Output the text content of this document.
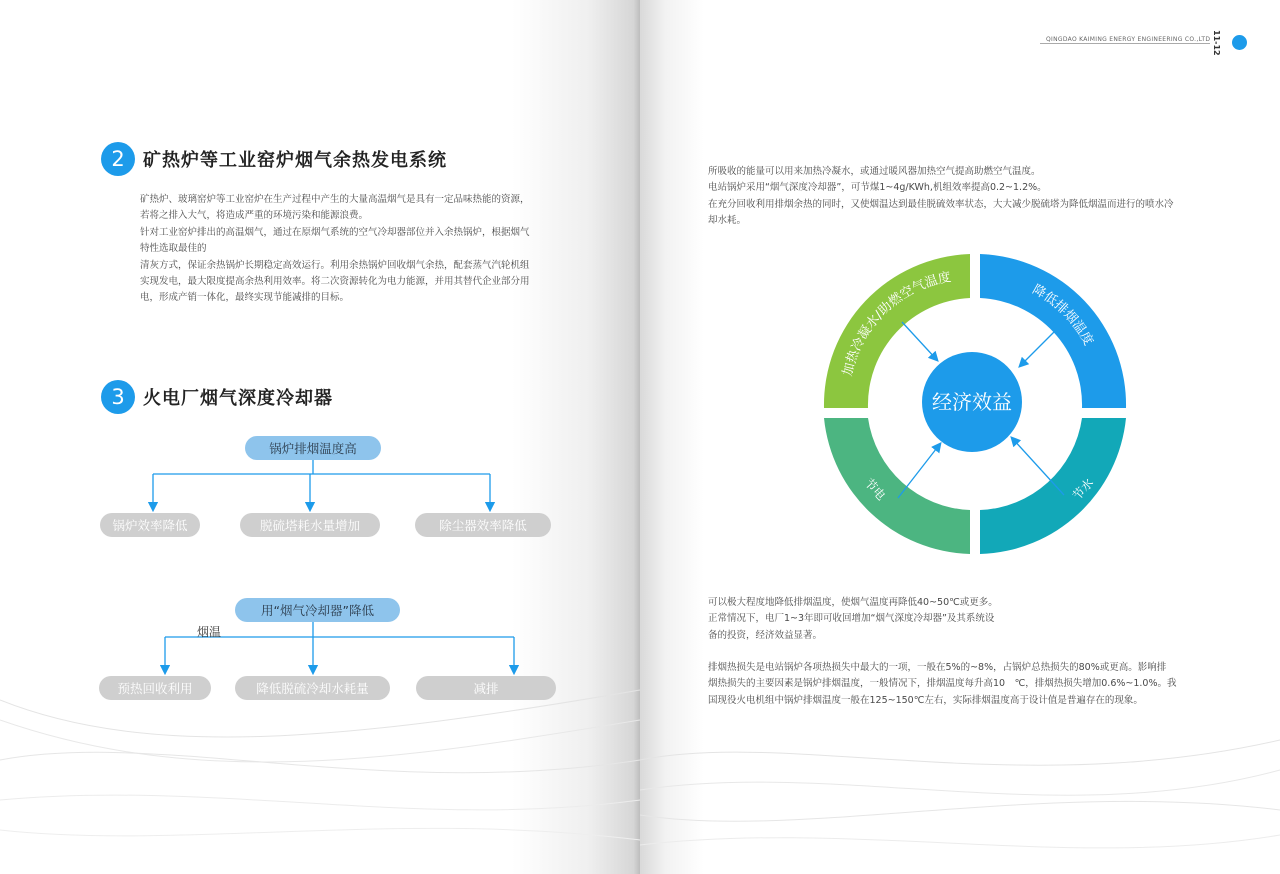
QINGDAO KAIMING ENERGY ENGINEERING CO.,LTD 11-12
2	矿热炉等工业窑炉烟气余热发电系统

矿热炉、玻璃窑炉等工业窑炉在生产过程中产生的大量高温烟气是具有一定品味热能的资源，

若将之排入大气，将造成严重的环境污染和能源浪费。

针对工业窑炉排出的高温烟气，通过在原烟气系统的空气冷却器部位并入余热锅炉，根据烟气

特性选取最佳的

清灰方式，保证余热锅炉长期稳定高效运行。利用余热锅炉回收烟气余热，配套蒸气汽轮机组

实现发电，最大限度提高余热利用效率。将二次资源转化为电力能源，并用其替代企业部分用

电，形成产销一体化，最终实现节能减排的目标。

3	火电厂烟气深度冷却器
锅炉排烟温度高
锅炉效率降低	脱硫塔耗水量增加	除尘器效率降低
用“烟气冷却器”降低
烟温
预热回收利用	降低脱硫冷却水耗量	减排

所吸收的能量可以用来加热冷凝水，或通过暖风器加热空气提高助燃空气温度。

电站锅炉采用“烟气深度冷却器”，可节煤1~4g/KWh,机组效率提高0.2~1.2%。

在充分回收利用排烟余热的同时，又使烟温达到最佳脱硫效率状态，大大减少脱硫塔为降低烟温而进行的喷水冷

却水耗。

加热冷凝水/助燃空气温度
降低排烟温度
节水
节电
经济效益

可以极大程度地降低排烟温度，使烟气温度再降低40~50℃或更多。

正常情况下，电厂1~3年即可收回增加“烟气深度冷却器”及其系统设

备的投资，经济效益显著。

排烟热损失是电站锅炉各项热损失中最大的一项，一般在5%的~8%，占锅炉总热损失的80%或更高。影响排

烟热损失的主要因素是锅炉排烟温度，一般情况下，排烟温度每升高10　℃，排烟热损失增加0.6%~1.0%。我

国现役火电机组中锅炉排烟温度一般在125~150℃左右，实际排烟温度高于设计值是普遍存在的现象。
